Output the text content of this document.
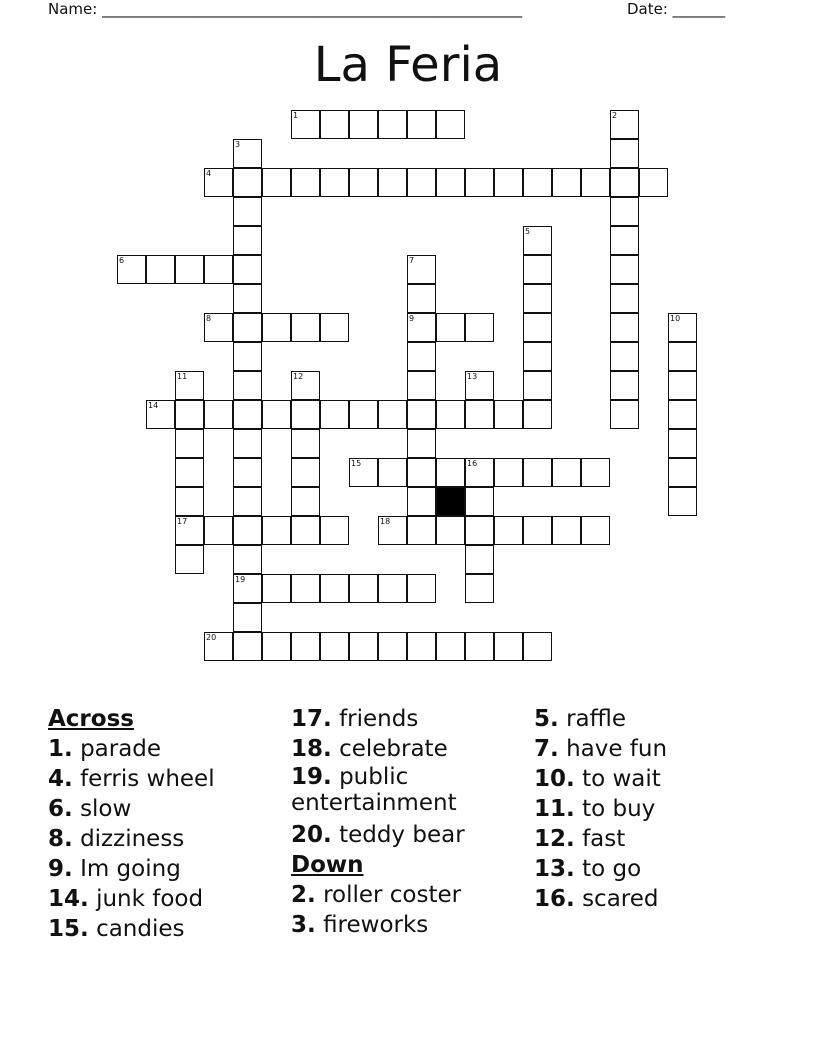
Name: ________________________________________________________	Date: _______
La Feria
1	2
3
4
5
6	7
8	9	10
11	12	13
14
15	16
17	18
19
20
Across
1. parade
4. ferris wheel
6. slow
8. dizziness
9. Im going
14. junk food
15. candies
17. friends
18. celebrate
19. public entertainment
20. teddy bear
Down
2. roller coster
3. fireworks
5. raffle
7. have fun
10. to wait
11. to buy
12. fast
13. to go
16. scared
